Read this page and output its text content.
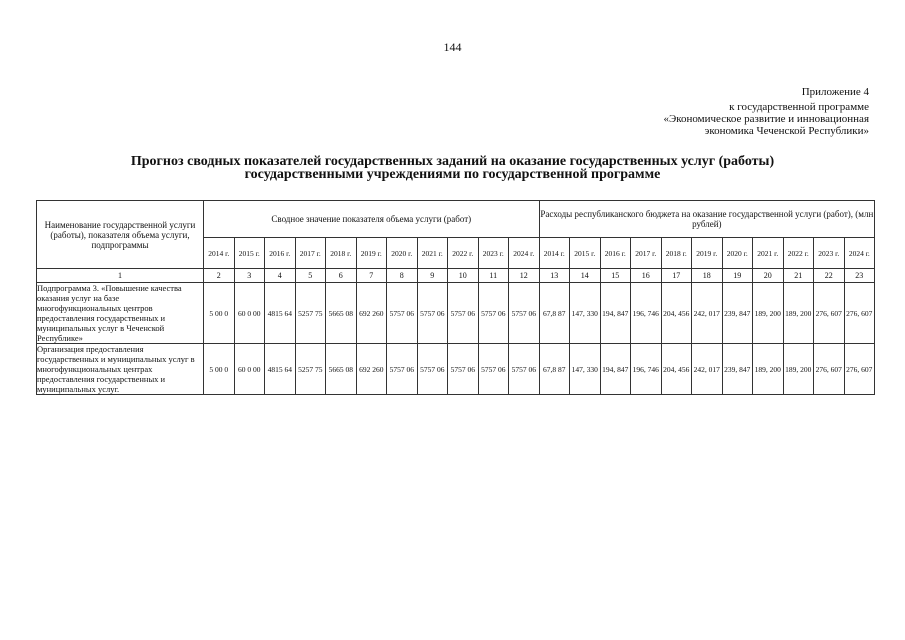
144
Приложение 4
к государственной программе
«Экономическое развитие и инновационная
экономика Чеченской Республики»
Прогноз сводных показателей государственных заданий на оказание государственных услуг (работы)
государственными учреждениями по государственной программе
Наименование государственной услуги (работы), показателя объема услуги, подпрограммы	Сводное значение показателя объема услуги (работ)											Расходы республиканского бюджета на оказание государственной услуги (работ), (млн рублей)										
	2014 г.	2015 г.	2016 г.	2017 г.	2018 г.	2019 г.	2020 г.	2021 г.	2022 г.	2023 г.	2024 г.	2014 г.	2015 г.	2016 г.	2017 г.	2018 г.	2019 г.	2020 г.	2021 г.	2022 г.	2023 г.	2024 г.
1	2	3	4	5	6	7	8	9	10	11	12	13	14	15	16	17	18	19	20	21	22	23
Подпрограмма 3. «Повышение качества оказания услуг на базе многофункциональных центров предоставления государственных и муниципальных услуг в Чеченской Республике»	5 00 0	60 0 00	4815 64	5257 75	5665 08	692 260	5757 06	5757 06	5757 06	5757 06	5757 06	67,8 87	147, 330	194, 847	196, 746	204, 456	242, 017	239, 847	189, 200	189, 200	276, 607	276, 607
Организация предоставления государственных и муниципальных услуг в многофункциональных центрах предоставления государственных и муниципальных услуг.	5 00 0	60 0 00	4815 64	5257 75	5665 08	692 260	5757 06	5757 06	5757 06	5757 06	5757 06	67,8 87	147, 330	194, 847	196, 746	204, 456	242, 017	239, 847	189, 200	189, 200	276, 607	276, 607
